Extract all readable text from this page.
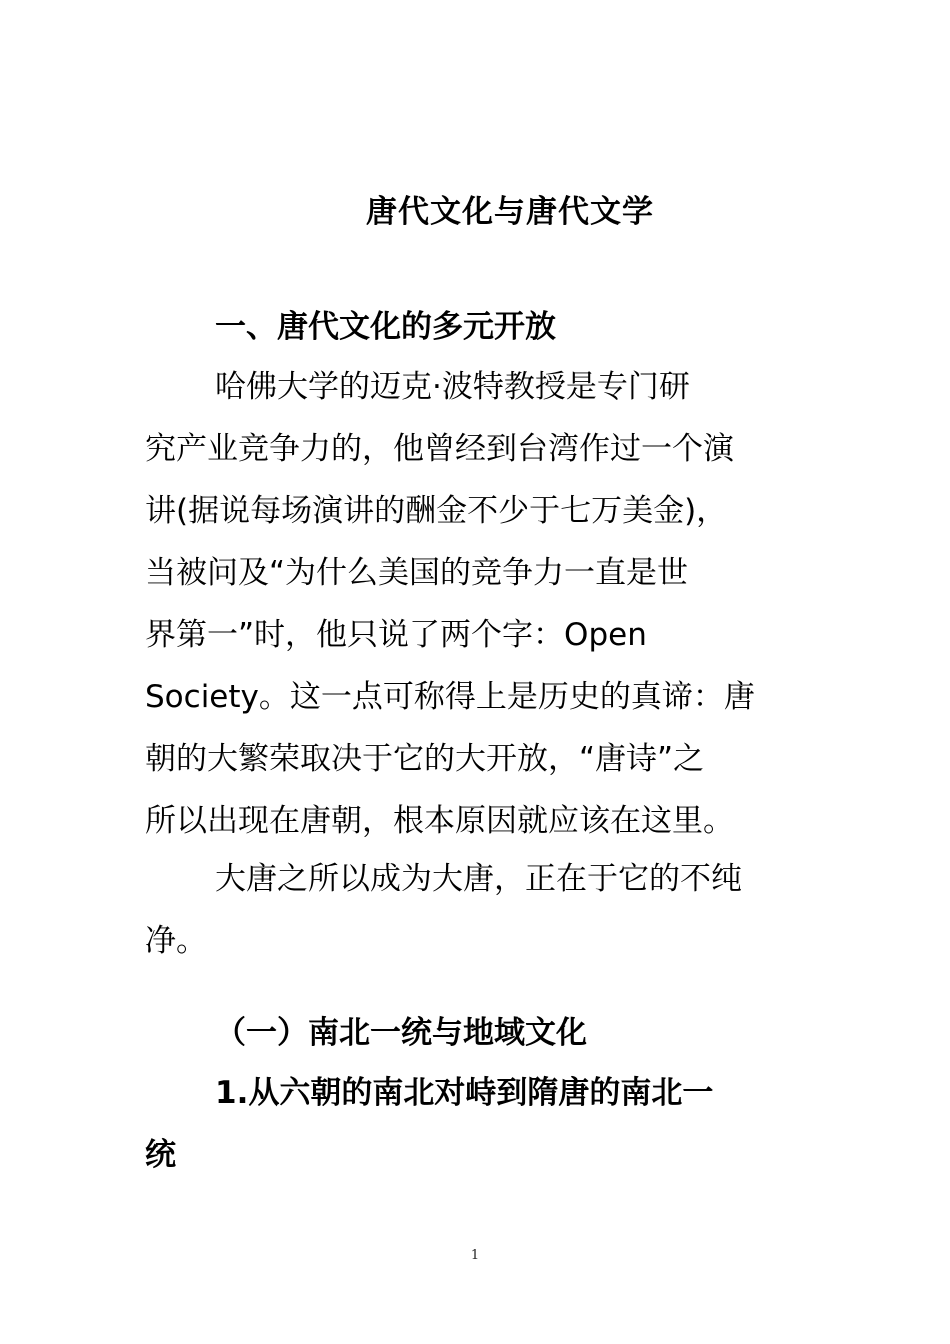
唐代文化与唐代文学
一、唐代文化的多元开放
哈佛大学的迈克·波特教授是专门研
究产业竞争力的，他曾经到台湾作过一个演
讲(据说每场演讲的酬金不少于七万美金)，
当被问及“为什么美国的竞争力一直是世
界第一”时，他只说了两个字：Open
Society。这一点可称得上是历史的真谛：唐
朝的大繁荣取决于它的大开放，“唐诗”之
所以出现在唐朝，根本原因就应该在这里。
大唐之所以成为大唐，正在于它的不纯
净。
（一）南北一统与地域文化
1.从六朝的南北对峙到隋唐的南北一
统
1
